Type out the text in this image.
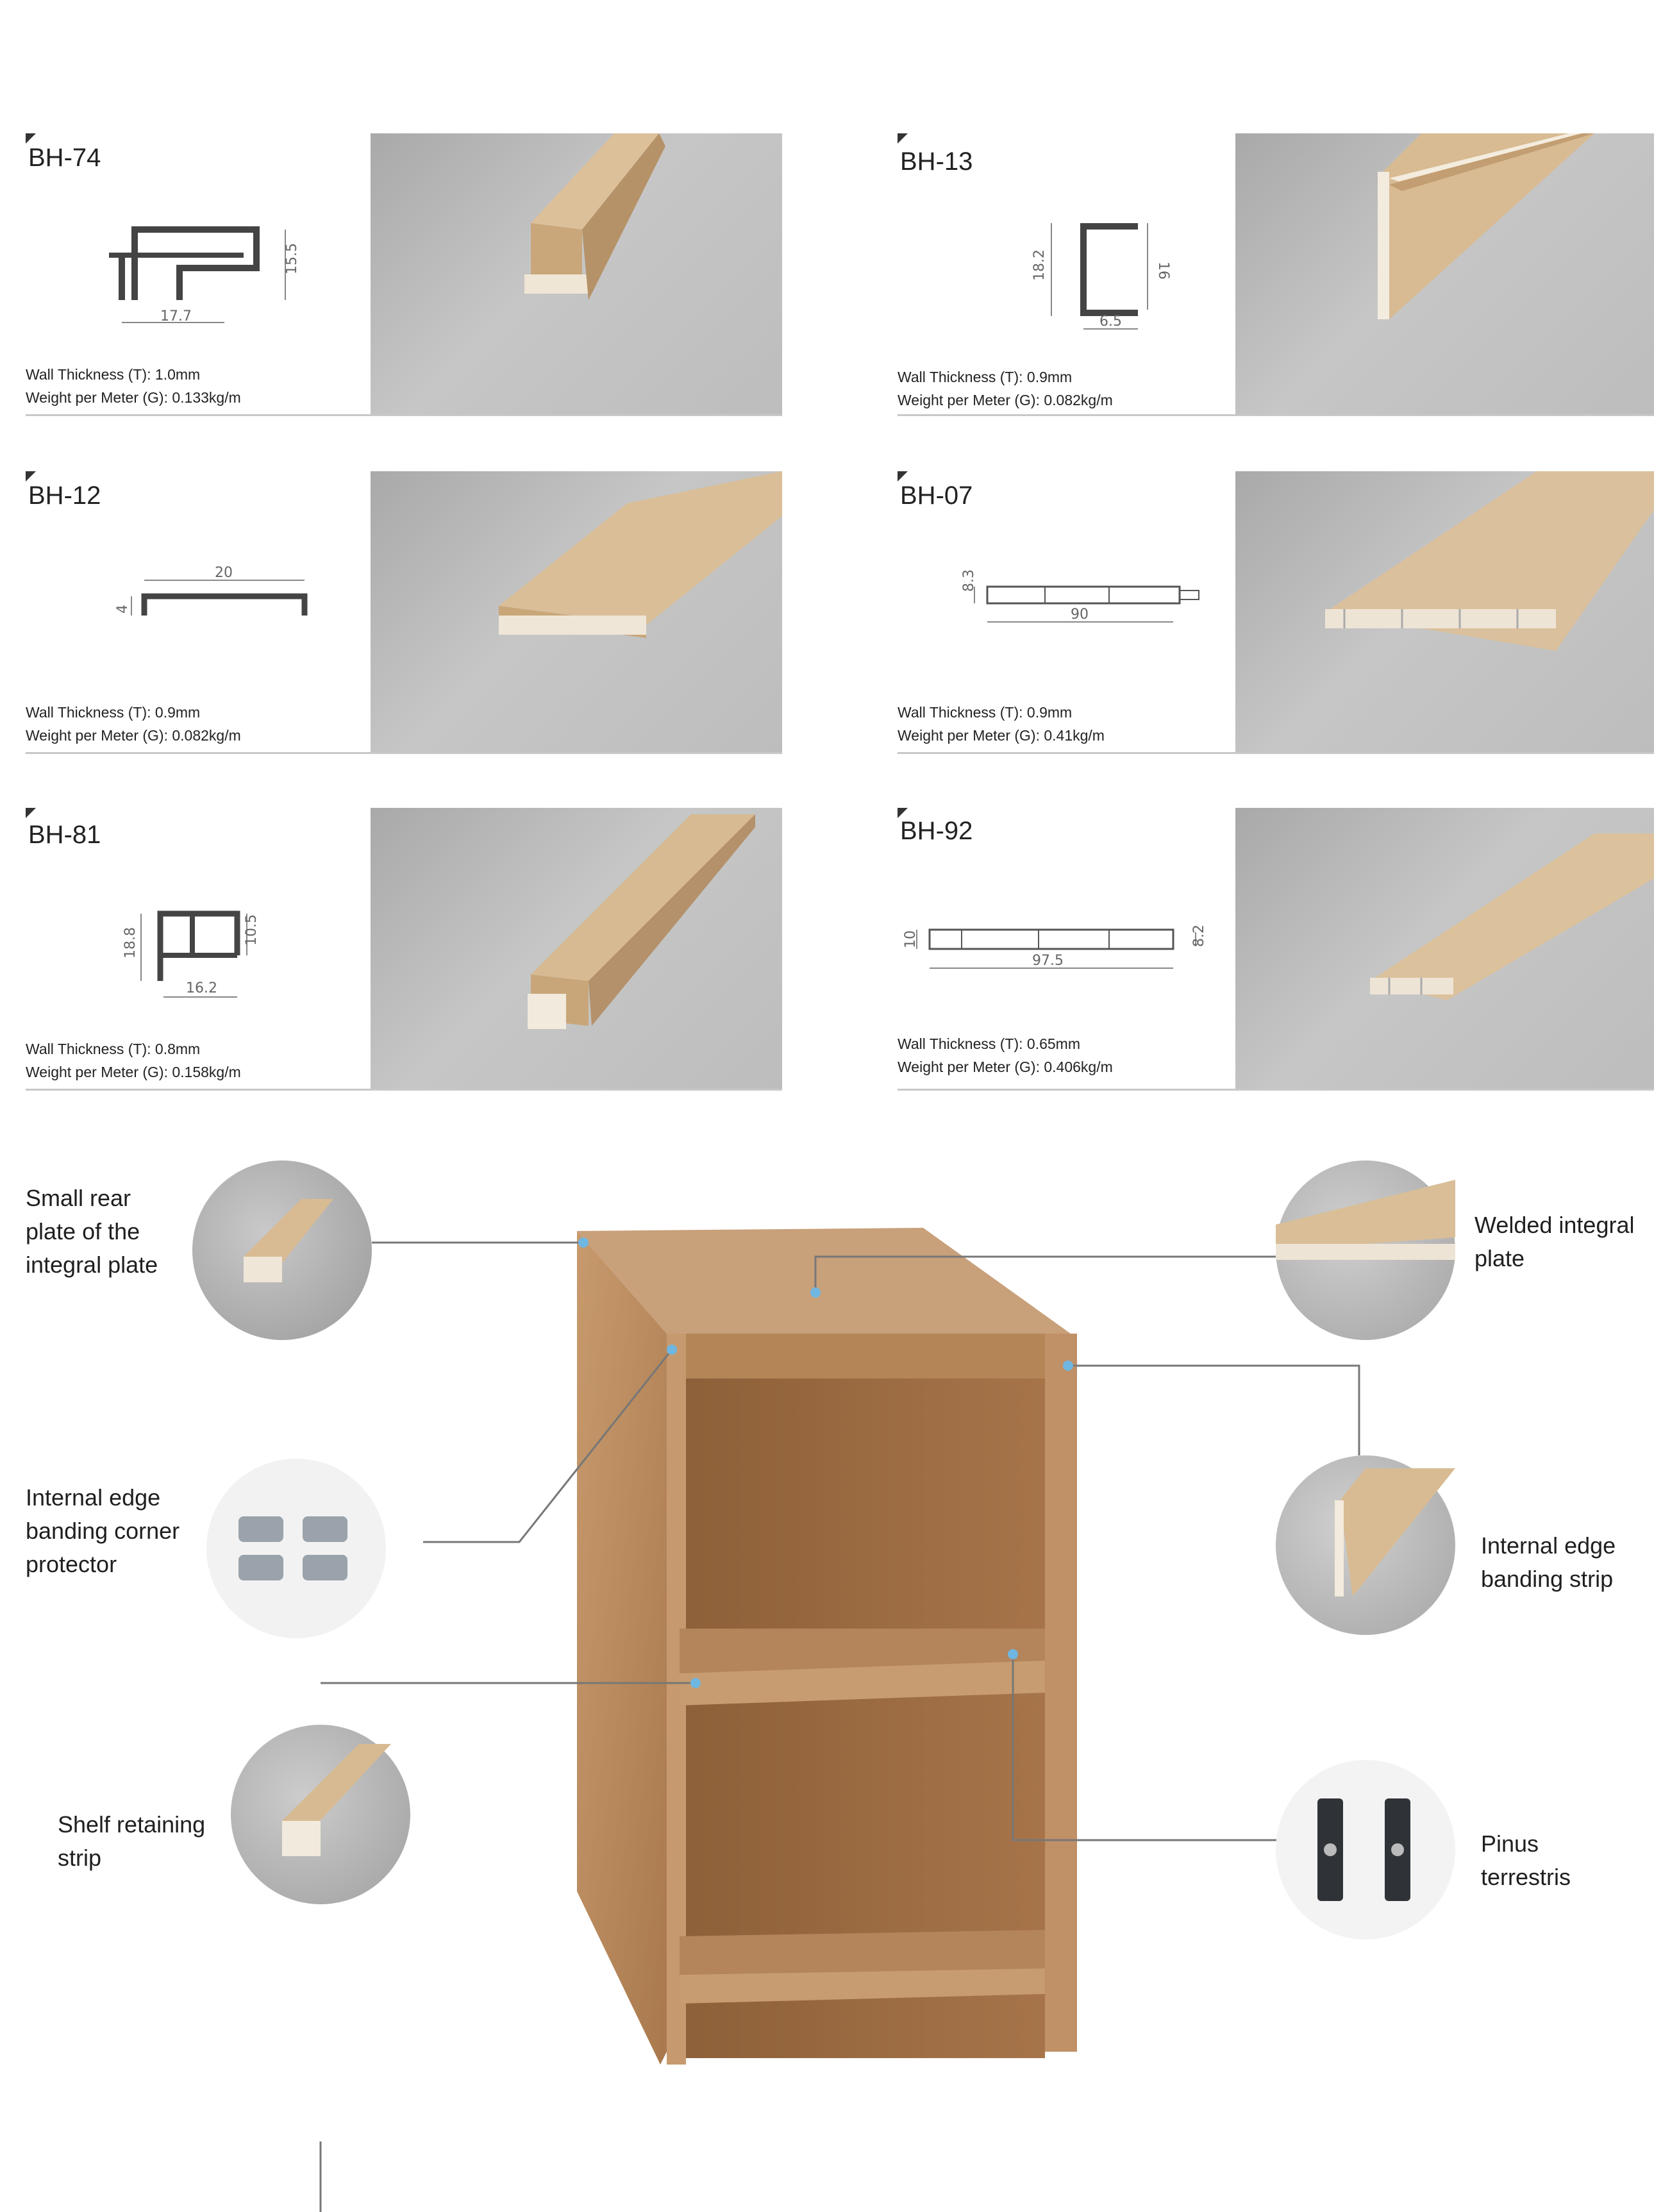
BH-74
17.7
15.5
Wall Thickness (T): 1.0mm
Weight per Meter (G): 0.133kg/m
BH-13
18.2	16
6.5
Wall Thickness (T): 0.9mm
Weight per Meter (G): 0.082kg/m
BH-12
20
4
Wall Thickness (T): 0.9mm
Weight per Meter (G): 0.082kg/m
BH-07
90
8.3
Wall Thickness (T): 0.9mm
Weight per Meter (G): 0.41kg/m
BH-81
18.8	10.5
16.2
Wall Thickness (T): 0.8mm
Weight per Meter (G): 0.158kg/m
BH-92
97.5
10	8.2
Wall Thickness (T): 0.65mm
Weight per Meter (G): 0.406kg/m
Small rear plate of the integral plate
Welded integral plate
Internal edge banding corner protector
Internal edge banding strip
Shelf retaining strip
Pinus terrestris
